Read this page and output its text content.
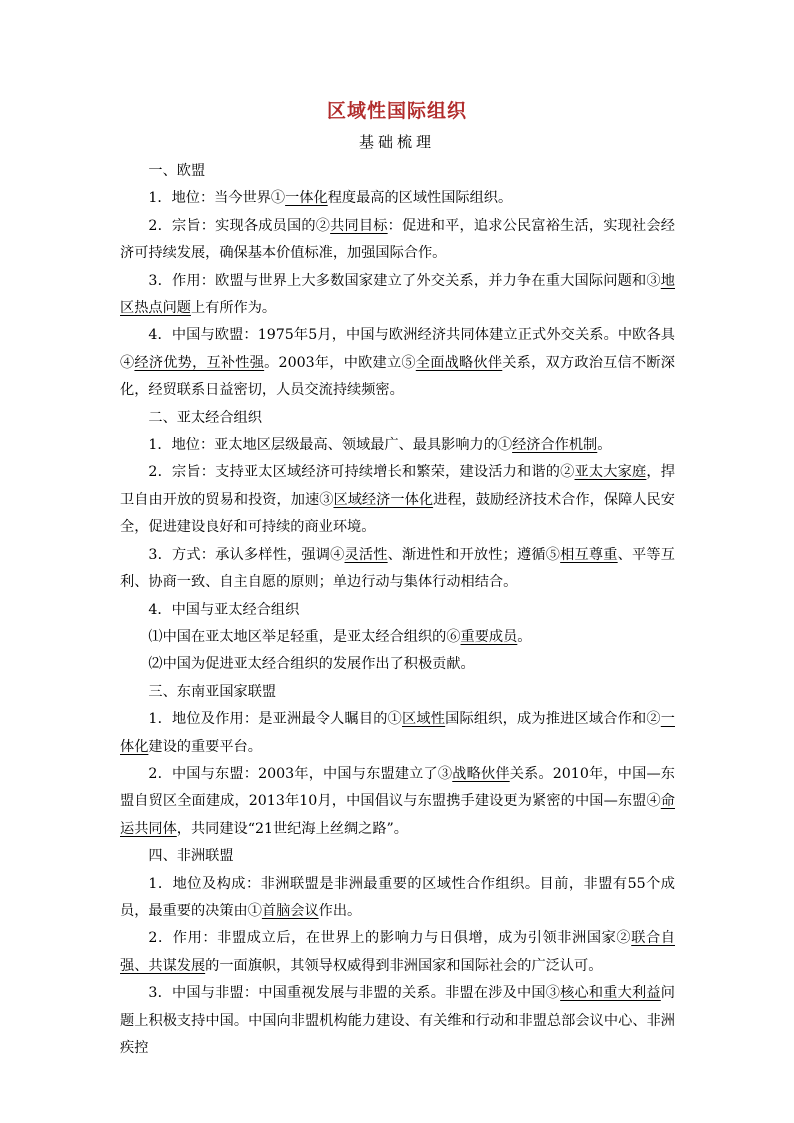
区域性国际组织
基础梳理
一、欧盟
1．地位：当今世界①一体化程度最高的区域性国际组织。
2．宗旨：实现各成员国的②共同目标：促进和平，追求公民富裕生活，实现社会经济可持续发展，确保基本价值标准，加强国际合作。
3．作用：欧盟与世界上大多数国家建立了外交关系，并力争在重大国际问题和③地区热点问题上有所作为。
4．中国与欧盟：1975年5月，中国与欧洲经济共同体建立正式外交关系。中欧各具④经济优势，互补性强。2003年，中欧建立⑤全面战略伙伴关系，双方政治互信不断深化，经贸联系日益密切，人员交流持续频密。
二、亚太经合组织
1．地位：亚太地区层级最高、领域最广、最具影响力的①经济合作机制。
2．宗旨：支持亚太区域经济可持续增长和繁荣，建设活力和谐的②亚太大家庭，捍卫自由开放的贸易和投资，加速③区域经济一体化进程，鼓励经济技术合作，保障人民安全，促进建设良好和可持续的商业环境。
3．方式：承认多样性，强调④灵活性、渐进性和开放性；遵循⑤相互尊重、平等互利、协商一致、自主自愿的原则；单边行动与集体行动相结合。
4．中国与亚太经合组织
⑴中国在亚太地区举足轻重，是亚太经合组织的⑥重要成员。
⑵中国为促进亚太经合组织的发展作出了积极贡献。
三、东南亚国家联盟
1．地位及作用：是亚洲最令人瞩目的①区域性国际组织，成为推进区域合作和②一体化建设的重要平台。
2．中国与东盟：2003年，中国与东盟建立了③战略伙伴关系。2010年，中国—东盟自贸区全面建成，2013年10月，中国倡议与东盟携手建设更为紧密的中国—东盟④命运共同体，共同建设“21世纪海上丝绸之路”。
四、非洲联盟
1．地位及构成：非洲联盟是非洲最重要的区域性合作组织。目前，非盟有55个成员，最重要的决策由①首脑会议作出。
2．作用：非盟成立后，在世界上的影响力与日俱增，成为引领非洲国家②联合自强、共谋发展的一面旗帜，其领导权威得到非洲国家和国际社会的广泛认可。
3．中国与非盟：中国重视发展与非盟的关系。非盟在涉及中国③核心和重大利益问题上积极支持中国。中国向非盟机构能力建设、有关维和行动和非盟总部会议中心、非洲疾控
